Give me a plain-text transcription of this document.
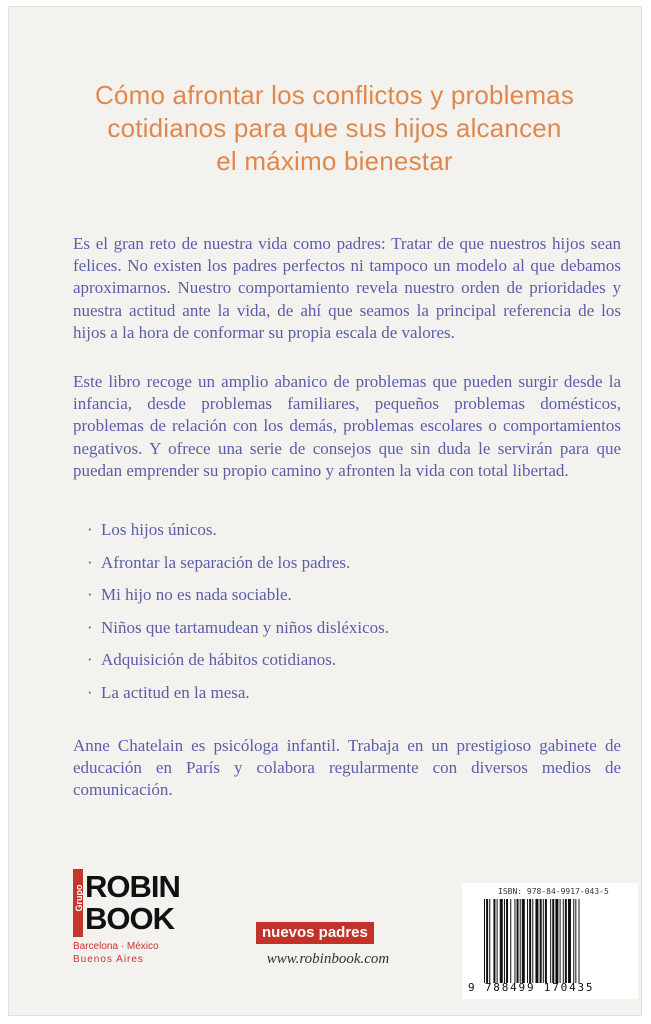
Cómo afrontar los conflictos y problemas
cotidianos para que sus hijos alcancen
el máximo bienestar

Es el gran reto de nuestra vida como padres: Tratar de que nuestros hijos sean felices. No existen los padres perfectos ni tampoco un modelo al que debamos aproximarnos. Nuestro comportamiento revela nuestro orden de prioridades y nuestra actitud ante la vida, de ahí que seamos la principal referencia de los hijos a la hora de conformar su propia escala de valores.

Este libro recoge un amplio abanico de problemas que pueden surgir desde la infancia, desde problemas familiares, pequeños problemas domésticos, problemas de relación con los demás, problemas escolares o comportamientos negativos. Y ofrece una serie de consejos que sin duda le servirán para que puedan emprender su propio camino y afronten la vida con total libertad.

· Los hijos únicos.
· Afrontar la separación de los padres.
· Mi hijo no es nada sociable.
· Niños que tartamudean y niños disléxicos.
· Adquisición de hábitos cotidianos.
· La actitud en la mesa.

Anne Chatelain es psicóloga infantil. Trabaja en un prestigioso gabinete de educación en París y colabora regularmente con diversos medios de comunicación.

Grupo ROBIN
BOOK
Barcelona · México
Buenos Aires
nuevos padres
www.robinbook.com
ISBN: 978-84-9917-043-5
9 788499 170435
